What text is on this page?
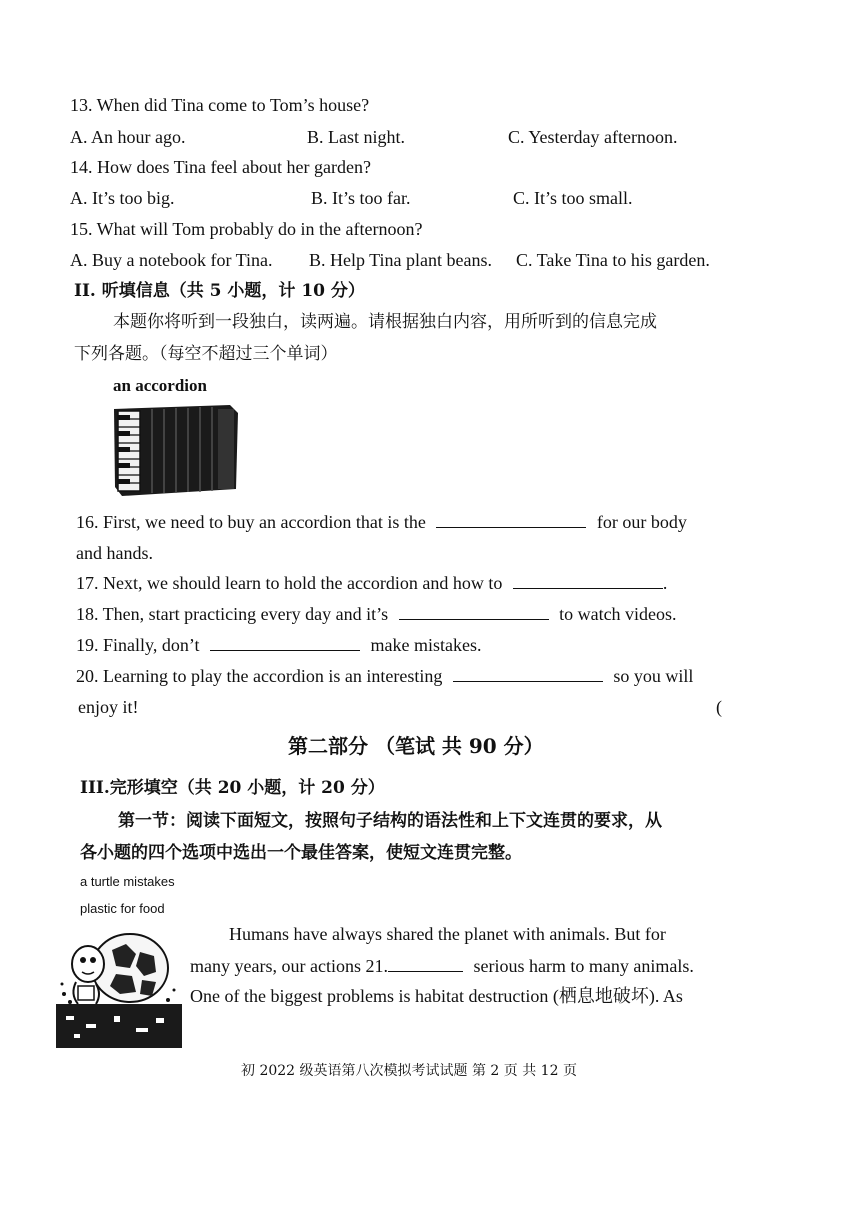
13. When did Tina come to Tom’s house?
A. An hour ago.	B. Last night.	C. Yesterday afternoon.
14. How does Tina feel about her garden?
A. It’s too big.	B. It’s too far.	C. It’s too small.
15. What will Tom probably do in the afternoon?
A. Buy a notebook for Tina. B. Help Tina plant beans. C. Take Tina to his garden.
II. 听填信息（共 5 小题，计 10 分）
本题你将听到一段独白，读两遍。请根据独白内容，用所听到的信息完成
下列各题。（每空不超过三个单词）
an accordion
16. First, we need to buy an accordion that is the	for our body
and hands.
17. Next, we should learn to hold the accordion and how to	.
18. Then, start practicing every day and it’s	to watch videos.
19. Finally, don’t	make mistakes.
20. Learning to play the accordion is an interesting	so you will
enjoy it!	(
第二部分 （笔试 共 90 分）
III.完形填空（共 20 小题，计 20 分）
第一节：阅读下面短文，按照句子结构的语法性和上下文连贯的要求，从
各小题的四个选项中选出一个最佳答案，使短文连贯完整。
a turtle mistakes
plastic for food
Humans have always shared the planet with animals. But for
many years, our actions 21.	serious harm to many animals.
One of the biggest problems is habitat destruction (栖息地破坏). As
初 2022 级英语第八次模拟考试试题 第 2 页 共 12 页
